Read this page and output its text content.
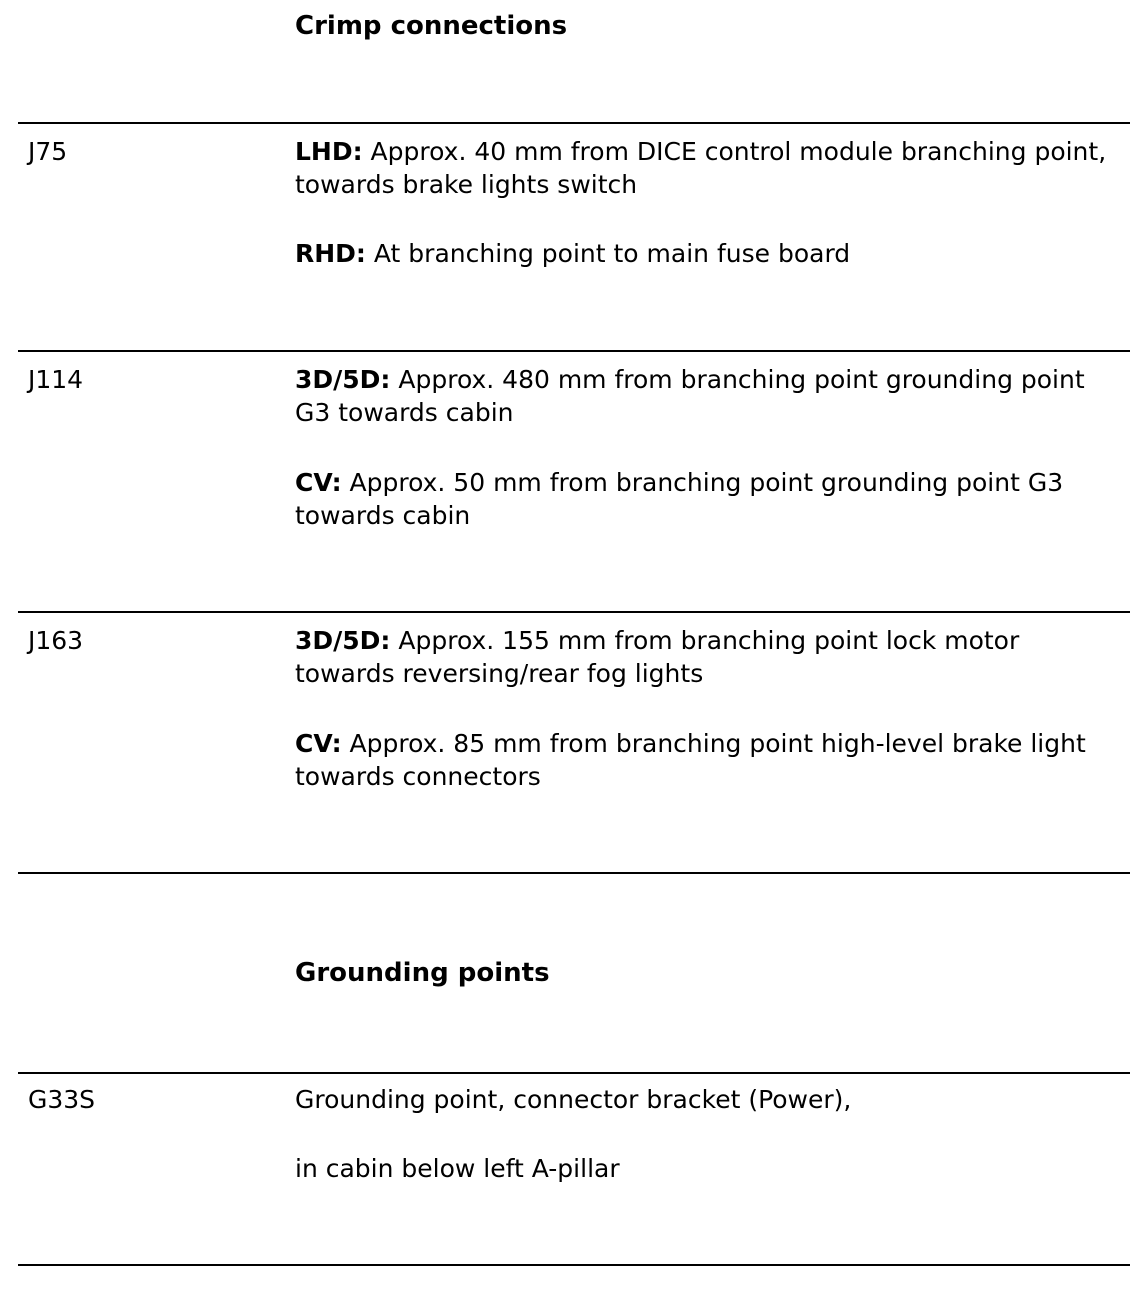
Crimp connections
J75	LHD: Approx. 40 mm from DICE control module branching point, towards brake lights switch
RHD: At branching point to main fuse board
J114	3D/5D: Approx. 480 mm from branching point grounding point G3 towards cabin
CV: Approx. 50 mm from branching point grounding point G3 towards cabin
J163	3D/5D: Approx. 155 mm from branching point lock motor towards reversing/rear fog lights
CV: Approx. 85 mm from branching point high-level brake light towards connectors
Grounding points
G33S	Grounding point, connector bracket (Power),
in cabin below left A-pillar
